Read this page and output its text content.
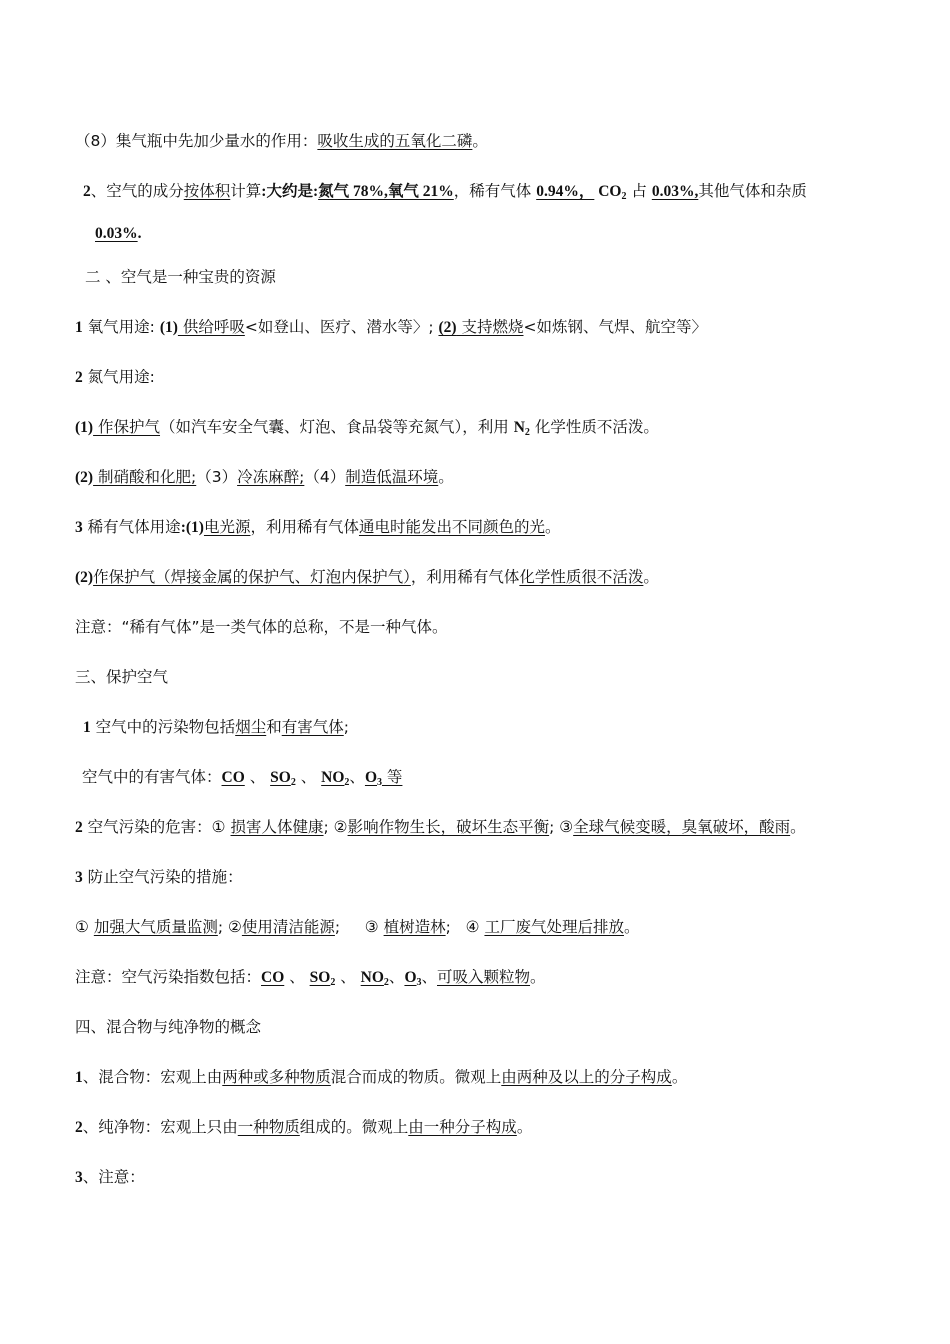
（8）集气瓶中先加少量水的作用：吸收生成的五氧化二磷。
2、空气的成分按体积计算:大约是:氮气 78%,氧气 21%，稀有气体 0.94%， $CO_2$ 占 0.03%,其他气体和杂质
0.03%.
二 、空气是一种宝贵的资源
1 氧气用途: (1) 供给呼吸<如登山、医疗、潜水等〉; (2) 支持燃烧<如炼钢、气焊、航空等〉
2 氮气用途:
(1) 作保护气（如汽车安全气囊、灯泡、食品袋等充氮气），利用 $N_2$ 化学性质不活泼。
(2) 制硝酸和化肥;（3）冷冻麻醉;（4）制造低温环境。
3 稀有气体用途:(1)电光源，利用稀有气体通电时能发出不同颜色的光。
(2)作保护气（焊接金属的保护气、灯泡内保护气），利用稀有气体化学性质很不活泼。
注意：“稀有气体”是一类气体的总称，不是一种气体。
三、保护空气
1 空气中的污染物包括烟尘和有害气体;
空气中的有害气体：CO 、 $SO_2$ 、 $NO_2$、$O_3$ 等
2 空气污染的危害：① 损害人体健康; ②影响作物生长，破坏生态平衡; ③全球气候变暖，臭氧破坏，酸雨。
3 防止空气污染的措施：
① 加强大气质量监测; ②使用清洁能源;     ③ 植树造林;   ④ 工厂废气处理后排放。
注意：空气污染指数包括：CO 、 $SO_2$ 、 $NO_2$、$O_3$、可吸入颗粒物。
四、混合物与纯净物的概念
1、混合物：宏观上由两种或多种物质混合而成的物质。微观上由两种及以上的分子构成。
2、纯净物：宏观上只由一种物质组成的。微观上由一种分子构成。
3、注意：
